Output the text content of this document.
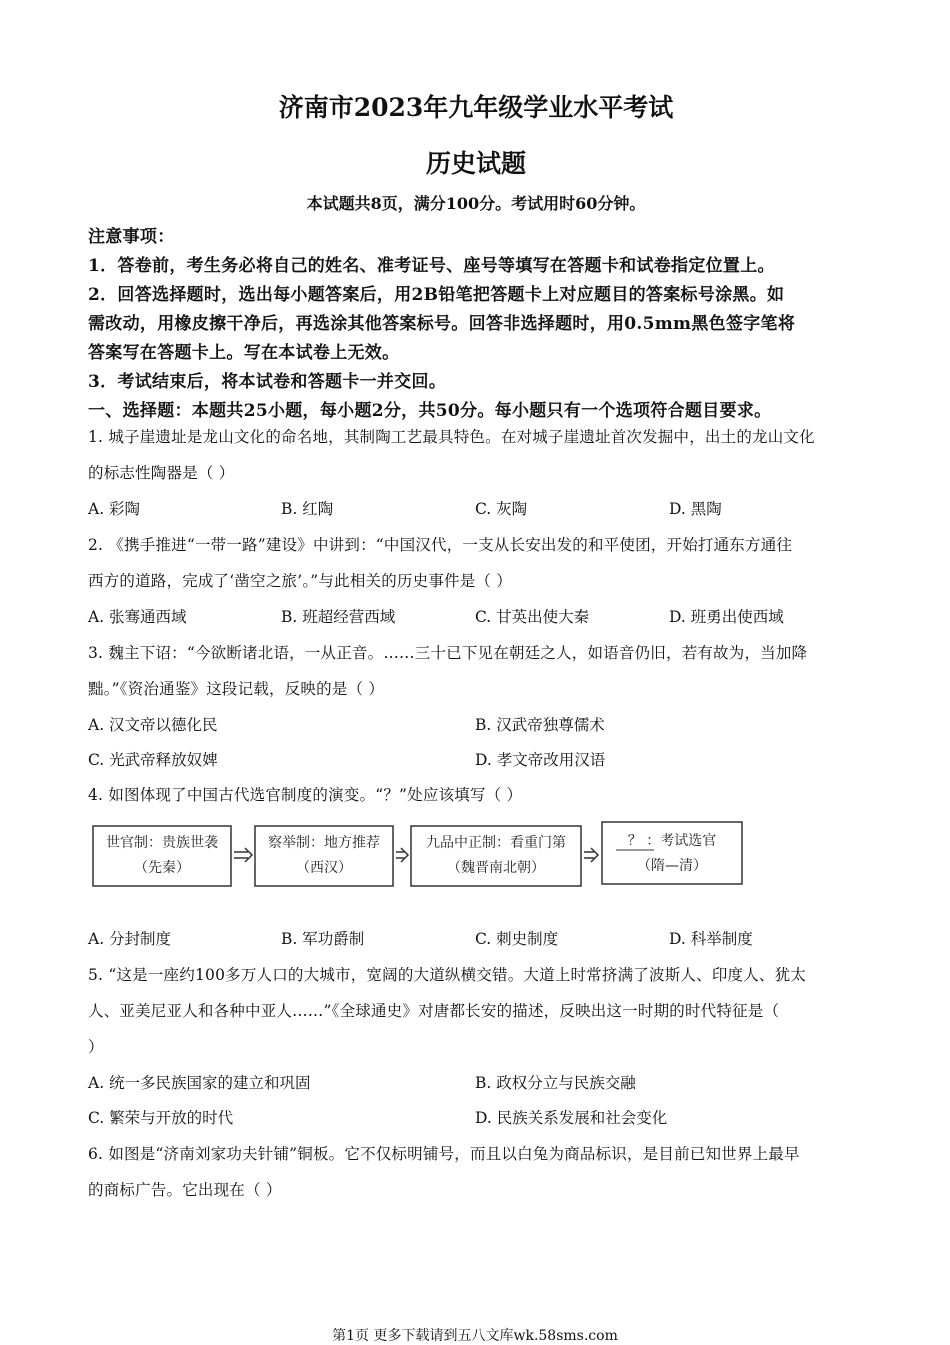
济南市2023年九年级学业水平考试
历史试题
本试题共8页，满分100分。考试用时60分钟。
注意事项：
1．答卷前，考生务必将自己的姓名、准考证号、座号等填写在答题卡和试卷指定位置上。
2．回答选择题时，选出每小题答案后，用2B铅笔把答题卡上对应题目的答案标号涂黑。如
需改动，用橡皮擦干净后，再选涂其他答案标号。回答非选择题时，用0.5mm黑色签字笔将
答案写在答题卡上。写在本试卷上无效。
3．考试结束后，将本试卷和答题卡一并交回。
一、选择题：本题共25小题，每小题2分，共50分。每小题只有一个选项符合题目要求。
1. 城子崖遗址是龙山文化的命名地，其制陶工艺最具特色。在对城子崖遗址首次发掘中，出土的龙山文化
的标志性陶器是（ ）
A. 彩陶	B. 红陶	C. 灰陶	D. 黑陶
2. 《携手推进“一带一路”建设》中讲到：“中国汉代，一支从长安出发的和平使团，开始打通东方通往
西方的道路，完成了‘凿空之旅’。”与此相关的历史事件是（ ）
A. 张骞通西域	B. 班超经营西域	C. 甘英出使大秦	D. 班勇出使西域
3. 魏主下诏：“今欲断诸北语，一从正音。……三十已下见在朝廷之人，如语音仍旧，若有故为，当加降
黜。”《资治通鉴》这段记载，反映的是（ ）
A. 汉文帝以德化民	B. 汉武帝独尊儒术
C. 光武帝释放奴婢	D. 孝文帝改用汉语
4. 如图体现了中国古代选官制度的演变。“？”处应该填写（ ）
世官制：贵族世袭
（先秦）
察举制：地方推荐
（西汉）
九品中正制：看重门第
（魏晋南北朝）
？ ：考试选官
（隋—清）
A. 分封制度	B. 军功爵制	C. 刺史制度	D. 科举制度
5. “这是一座约100多万人口的大城市，宽阔的大道纵横交错。大道上时常挤满了波斯人、印度人、犹太
人、亚美尼亚人和各种中亚人……”《全球通史》对唐都长安的描述，反映出这一时期的时代特征是（
）
A. 统一多民族国家的建立和巩固	B. 政权分立与民族交融
C. 繁荣与开放的时代	D. 民族关系发展和社会变化
6. 如图是“济南刘家功夫针铺”铜板。它不仅标明铺号，而且以白兔为商品标识，是目前已知世界上最早
的商标广告。它出现在（ ）
第1页 更多下载请到五八文库wk.58sms.com
